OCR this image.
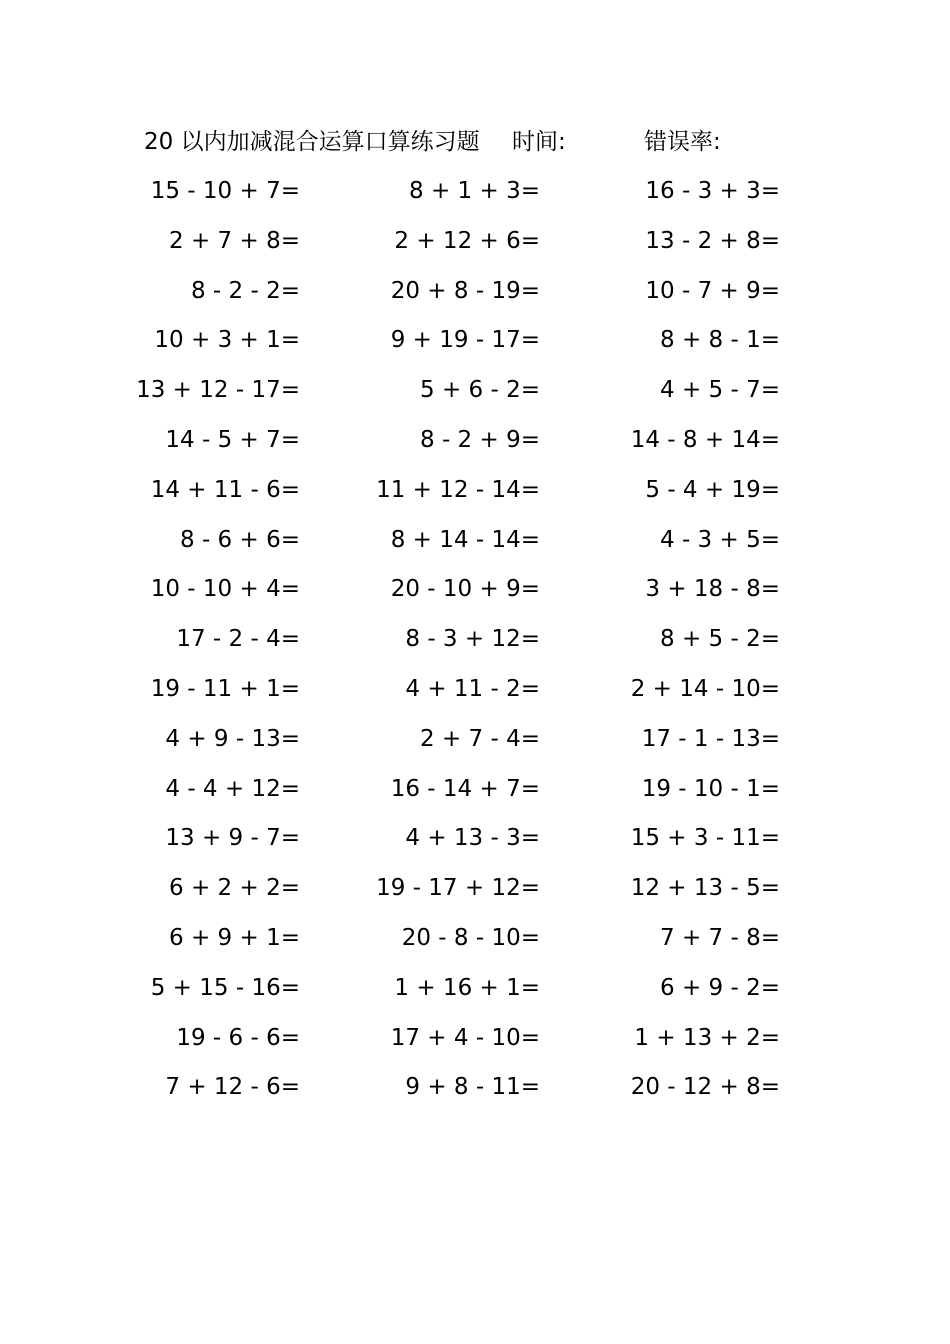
20 以内加减混合运算口算练习题 时间:	错误率:
15 - 10 + 7=
2 + 7 + 8=
8 - 2 - 2=
10 + 3 + 1=
13 + 12 - 17=
14 - 5 + 7=
14 + 11 - 6=
8 - 6 + 6=
10 - 10 + 4=
17 - 2 - 4=
19 - 11 + 1=
4 + 9 - 13=
4 - 4 + 12=
13 + 9 - 7=
6 + 2 + 2=
6 + 9 + 1=
5 + 15 - 16=
19 - 6 - 6=
7 + 12 - 6=
8 + 1 + 3=
2 + 12 + 6=
20 + 8 - 19=
9 + 19 - 17=
5 + 6 - 2=
8 - 2 + 9=
11 + 12 - 14=
8 + 14 - 14=
20 - 10 + 9=
8 - 3 + 12=
4 + 11 - 2=
2 + 7 - 4=
16 - 14 + 7=
4 + 13 - 3=
19 - 17 + 12=
20 - 8 - 10=
1 + 16 + 1=
17 + 4 - 10=
9 + 8 - 11=
16 - 3 + 3=
13 - 2 + 8=
10 - 7 + 9=
8 + 8 - 1=
4 + 5 - 7=
14 - 8 + 14=
5 - 4 + 19=
4 - 3 + 5=
3 + 18 - 8=
8 + 5 - 2=
2 + 14 - 10=
17 - 1 - 13=
19 - 10 - 1=
15 + 3 - 11=
12 + 13 - 5=
7 + 7 - 8=
6 + 9 - 2=
1 + 13 + 2=
20 - 12 + 8=
